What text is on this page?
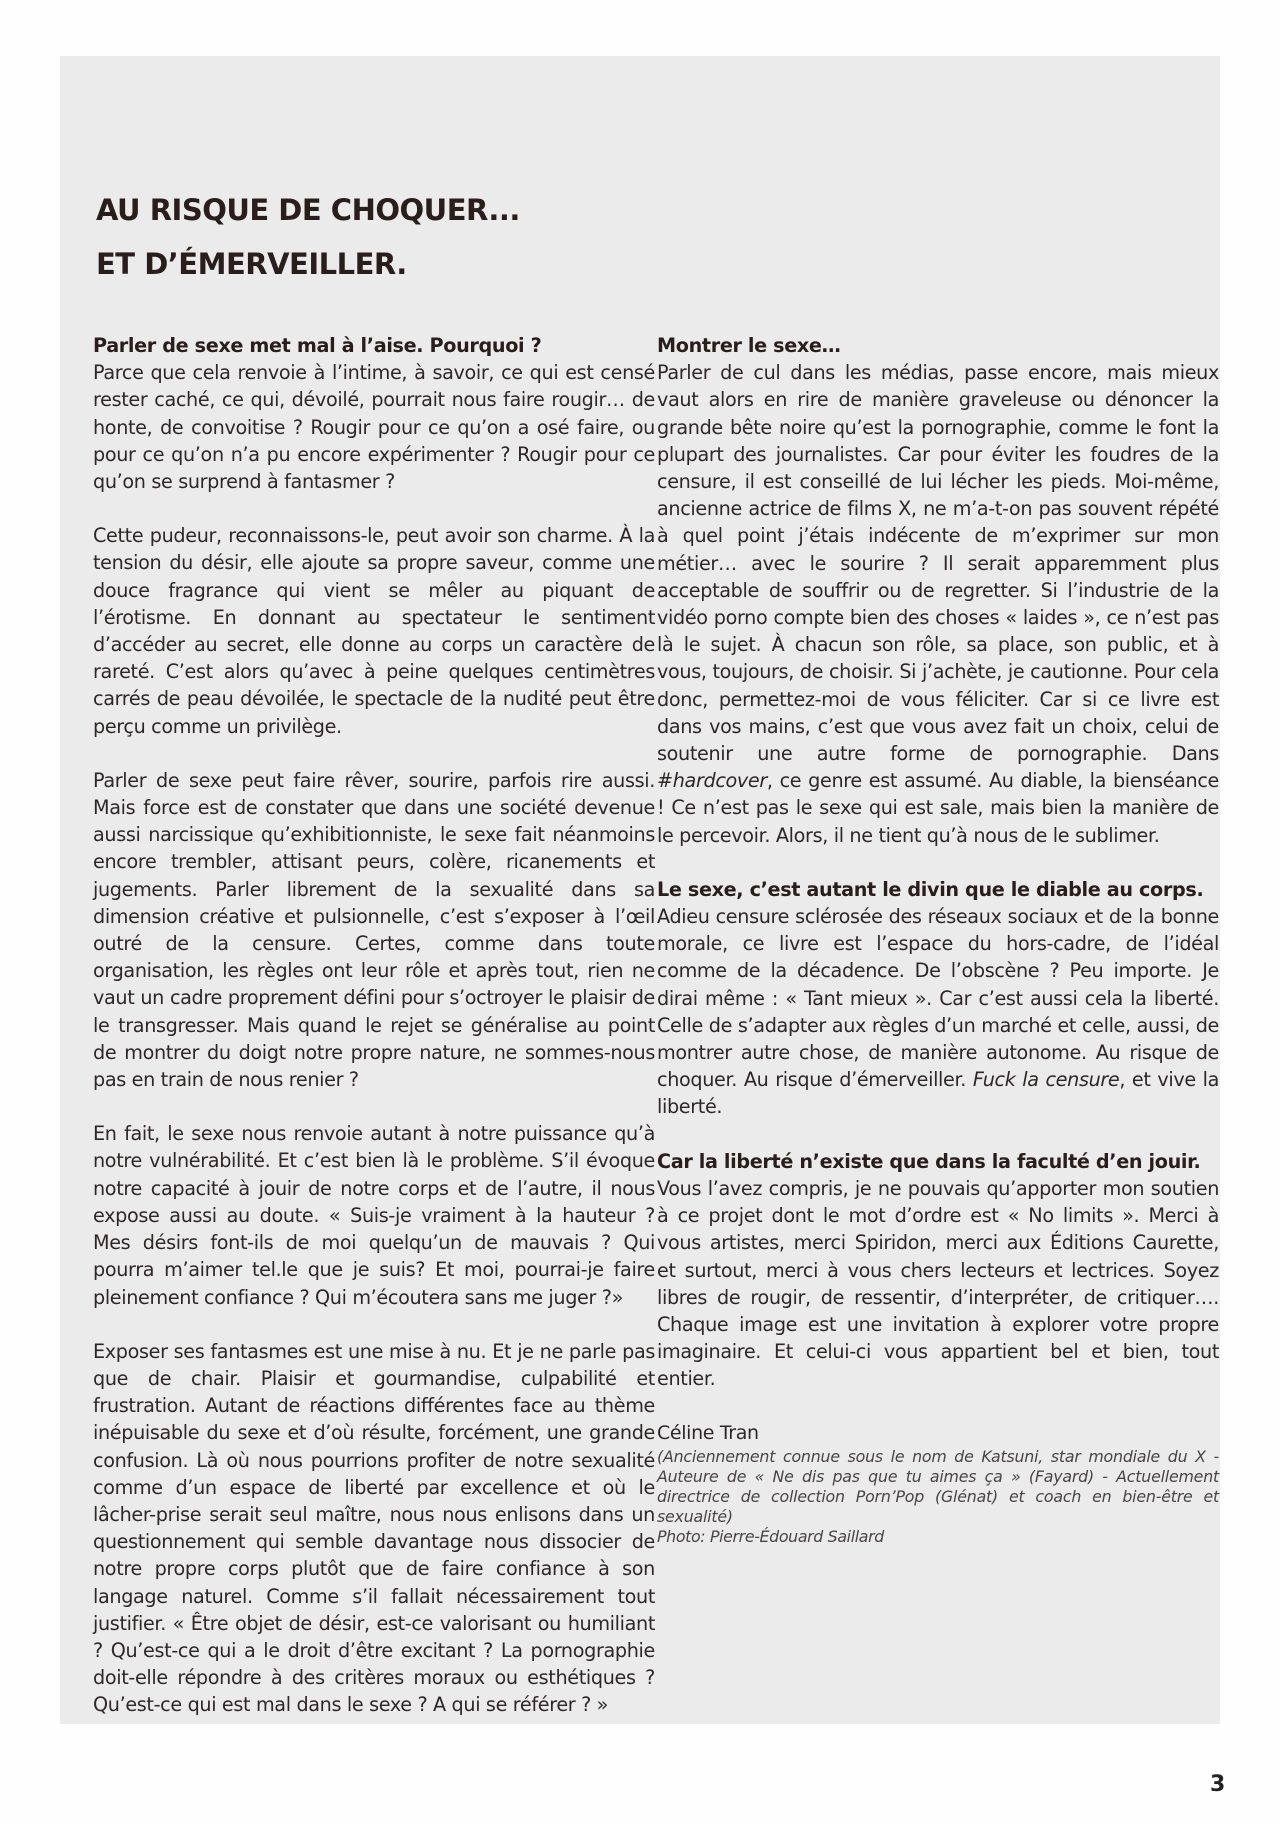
AU RISQUE DE CHOQUER...
ET D’ÉMERVEILLER.

Parler de sexe met mal à l’aise. Pourquoi ?
Parce que cela renvoie à l’intime, à savoir, ce qui est censé rester caché, ce qui, dévoilé, pourrait nous faire rougir… de honte, de convoitise ? Rougir pour ce qu’on a osé faire, ou pour ce qu’on n’a pu encore expérimenter ? Rougir pour ce qu’on se surprend à fantasmer ?

Cette pudeur, reconnaissons-le, peut avoir son charme. À la tension du désir, elle ajoute sa propre saveur, comme une douce fragrance qui vient se mêler au piquant de l’érotisme. En donnant au spectateur le sentiment d’accéder au secret, elle donne au corps un caractère de rareté. C’est alors qu’avec à peine quelques centimètres carrés de peau dévoilée, le spectacle de la nudité peut être perçu comme un privilège.

Parler de sexe peut faire rêver, sourire, parfois rire aussi. Mais force est de constater que dans une société devenue aussi narcissique qu’exhibitionniste, le sexe fait néanmoins encore trembler, attisant peurs, colère, ricanements et jugements. Parler librement de la sexualité dans sa dimension créative et pulsionnelle, c’est s’exposer à l’œil outré de la censure. Certes, comme dans toute organisation, les règles ont leur rôle et après tout, rien ne vaut un cadre proprement défini pour s’octroyer le plaisir de le transgresser. Mais quand le rejet se généralise au point de montrer du doigt notre propre nature, ne sommes-nous pas en train de nous renier ?

En fait, le sexe nous renvoie autant à notre puissance qu’à notre vulnérabilité. Et c’est bien là le problème. S’il évoque notre capacité à jouir de notre corps et de l’autre, il nous expose aussi au doute. « Suis-je vraiment à la hauteur ? Mes désirs font-ils de moi quelqu’un de mauvais ? Qui pourra m’aimer tel.le que je suis? Et moi, pourrai-je faire pleinement confiance ? Qui m’écoutera sans me juger ?»

Exposer ses fantasmes est une mise à nu. Et je ne parle pas que de chair. Plaisir et gourmandise, culpabilité et frustration. Autant de réactions différentes face au thème inépuisable du sexe et d’où résulte, forcément, une grande confusion. Là où nous pourrions profiter de notre sexualité comme d’un espace de liberté par excellence et où le lâcher-prise serait seul maître, nous nous enlisons dans un questionnement qui semble davantage nous dissocier de notre propre corps plutôt que de faire confiance à son langage naturel. Comme s’il fallait nécessairement tout justifier. « Être objet de désir, est-ce valorisant ou humiliant ? Qu’est-ce qui a le droit d’être excitant ? La pornographie doit-elle répondre à des critères moraux ou esthétiques ? Qu’est-ce qui est mal dans le sexe ? A qui se référer ? »

Montrer le sexe…
Parler de cul dans les médias, passe encore, mais mieux vaut alors en rire de manière graveleuse ou dénoncer la grande bête noire qu’est la pornographie, comme le font la plupart des journalistes. Car pour éviter les foudres de la censure, il est conseillé de lui lécher les pieds. Moi-même, ancienne actrice de films X, ne m’a-t-on pas souvent répété à quel point j’étais indécente de m’exprimer sur mon métier… avec le sourire ? Il serait apparemment plus acceptable de souffrir ou de regretter. Si l’industrie de la vidéo porno compte bien des choses « laides », ce n’est pas là le sujet. À chacun son rôle, sa place, son public, et à vous, toujours, de choisir. Si j’achète, je cautionne. Pour cela donc, permettez-moi de vous féliciter. Car si ce livre est dans vos mains, c’est que vous avez fait un choix, celui de soutenir une autre forme de pornographie. Dans #hardcover, ce genre est assumé. Au diable, la bienséance ! Ce n’est pas le sexe qui est sale, mais bien la manière de le percevoir. Alors, il ne tient qu’à nous de le sublimer.

Le sexe, c’est autant le divin que le diable au corps.
Adieu censure sclérosée des réseaux sociaux et de la bonne morale, ce livre est l’espace du hors-cadre, de l’idéal comme de la décadence. De l’obscène ? Peu importe. Je dirai même : « Tant mieux ». Car c’est aussi cela la liberté. Celle de s’adapter aux règles d’un marché et celle, aussi, de montrer autre chose, de manière autonome. Au risque de choquer. Au risque d’émerveiller. Fuck la censure, et vive la liberté.

Car la liberté n’existe que dans la faculté d’en jouir.
Vous l’avez compris, je ne pouvais qu’apporter mon soutien à ce projet dont le mot d’ordre est « No limits ». Merci à vous artistes, merci Spiridon, merci aux Éditions Caurette, et surtout, merci à vous chers lecteurs et lectrices. Soyez libres de rougir, de ressentir, d’interpréter, de critiquer…. Chaque image est une invitation à explorer votre propre imaginaire. Et celui-ci vous appartient bel et bien, tout entier.

Céline Tran
(Anciennement connue sous le nom de Katsuni, star mondiale du X - Auteure de « Ne dis pas que tu aimes ça » (Fayard) - Actuellement directrice de collection Porn’Pop (Glénat) et coach en bien-être et sexualité)
Photo: Pierre-Édouard Saillard
3
